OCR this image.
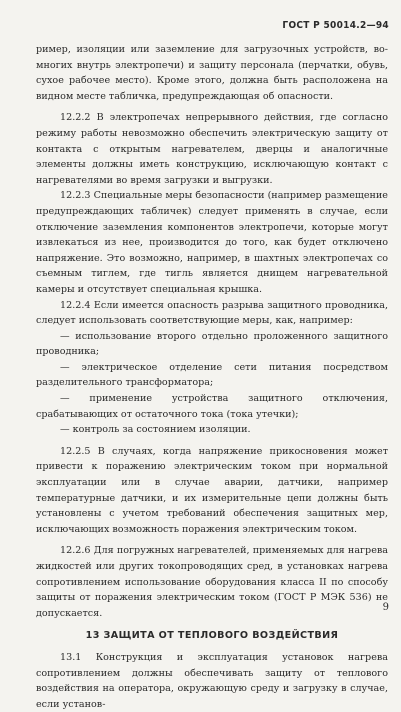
ГОСТ Р 50014.2—94

ример, изоляции или заземление для загрузочных устройств, во-многих внутрь электропечи) и защиту персонала (перчатки, обувь, сухое рабочее место). Кроме этого, должна быть расположена на видном месте табличка, предупреждающая об опасности.

12.2.2 В электропечах непрерывного действия, где согласно режиму работы невозможно обеспечить электрическую защиту от контакта с открытым нагревателем, дверцы и аналогичные элементы должны иметь конструкцию, исключающую контакт с нагревателями во время загрузки и выгрузки.

12.2.3 Специальные меры безопасности (например размещение предупреждающих табличек) следует применять в случае, если отключение заземления компонентов электропечи, которые могут извлекаться из нее, производится до того, как будет отключено напряжение. Это возможно, например, в шахтных электропечах со съемным тиглем, где тигль является днищем нагревательной камеры и отсутствует специальная крышка.

12.2.4 Если имеется опасность разрыва защитного проводника, следует использовать соответствующие меры, как, например:

— использование второго отдельно проложенного защитного проводника;

— электрическое отделение сети питания посредством разделительного трансформатора;

— применение устройства защитного отключения, срабатывающих от остаточного тока (тока утечки);

— контроль за состоянием изоляции.

12.2.5 В случаях, когда напряжение прикосновения может привести к поражению электрическим током при нормальной эксплуатации или в случае аварии, датчики, например температурные датчики, и их измерительные цепи должны быть установлены с учетом требований обеспечения защитных мер, исключающих возможность поражения электрическим током.

12.2.6 Для погружных нагревателей, применяемых для нагрева жидкостей или других токопроводящих сред, в установках нагрева сопротивлением использование оборудования класса II по способу защиты от поражения электрическим током (ГОСТ Р МЭК 536) не допускается.

13 ЗАЩИТА ОТ ТЕПЛОВОГО ВОЗДЕЙСТВИЯ

13.1 Конструкция и эксплуатация установок нагрева сопротивлением должны обеспечивать защиту от теплового воздействия на оператора, окружающую среду и загрузку в случае, если установ-

9
